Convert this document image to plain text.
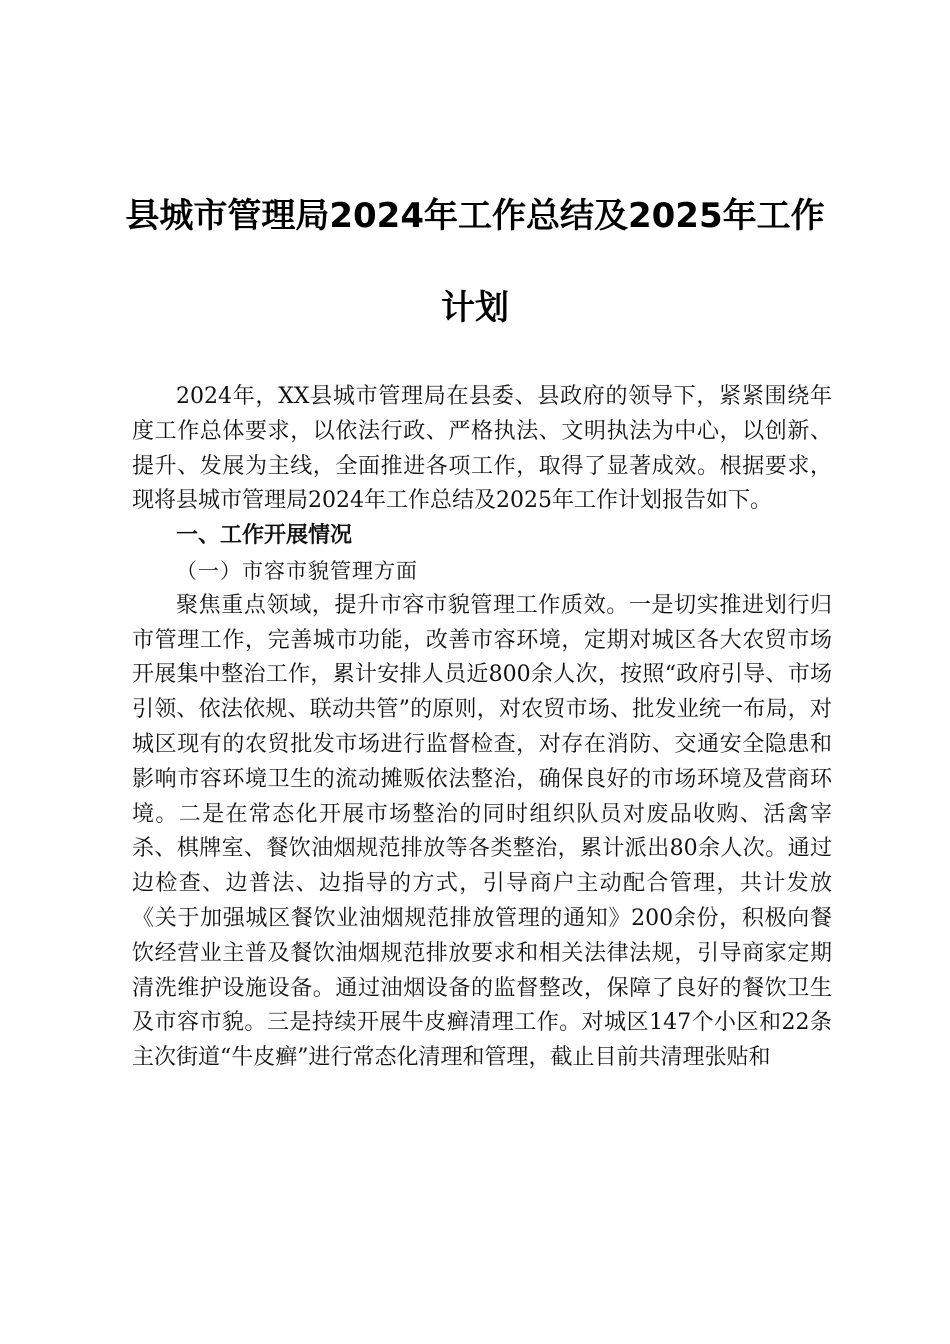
县城市管理局2024年工作总结及2025年工作
计划

2024年，XX县城市管理局在县委、县政府的领导下，紧紧围绕年度工作总体要求，以依法行政、严格执法、文明执法为中心，以创新、提升、发展为主线，全面推进各项工作，取得了显著成效。根据要求，现将县城市管理局2024年工作总结及2025年工作计划报告如下。

一、工作开展情况

（一）市容市貌管理方面

聚焦重点领域，提升市容市貌管理工作质效。一是切实推进划行归市管理工作，完善城市功能，改善市容环境，定期对城区各大农贸市场开展集中整治工作，累计安排人员近800余人次，按照“政府引导、市场引领、依法依规、联动共管”的原则，对农贸市场、批发业统一布局，对城区现有的农贸批发市场进行监督检查，对存在消防、交通安全隐患和影响市容环境卫生的流动摊贩依法整治，确保良好的市场环境及营商环境。二是在常态化开展市场整治的同时组织队员对废品收购、活禽宰杀、棋牌室、餐饮油烟规范排放等各类整治，累计派出80余人次。通过边检查、边普法、边指导的方式，引导商户主动配合管理，共计发放《关于加强城区餐饮业油烟规范排放管理的通知》200余份，积极向餐饮经营业主普及餐饮油烟规范排放要求和相关法律法规，引导商家定期清洗维护设施设备。通过油烟设备的监督整改，保障了良好的餐饮卫生及市容市貌。三是持续开展牛皮癣清理工作。对城区147个小区和22条主次街道“牛皮癣”进行常态化清理和管理，截止目前共清理张贴和
